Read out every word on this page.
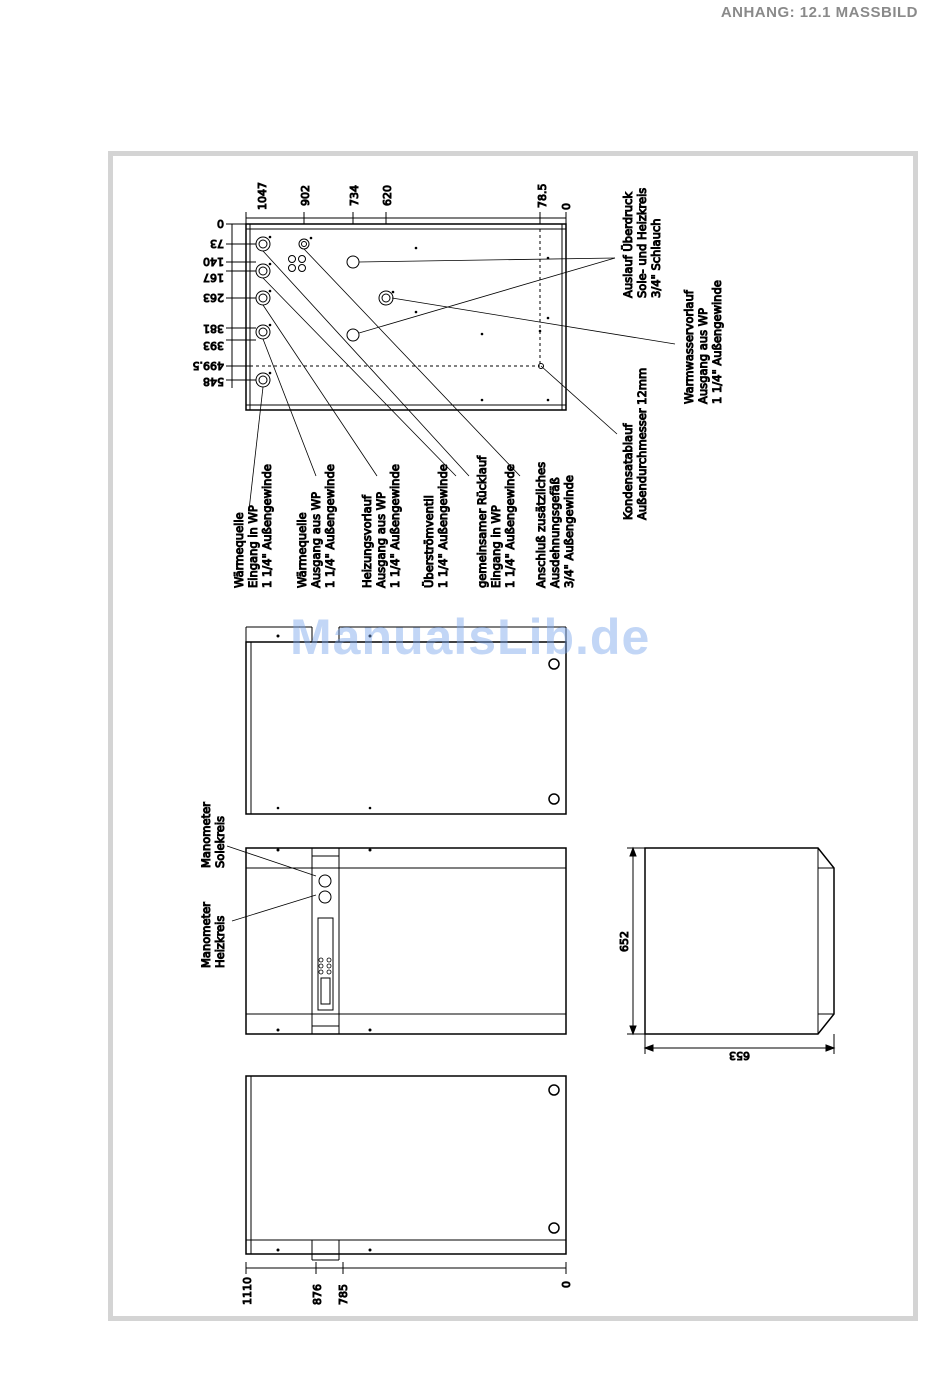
ANHANG: 12.1 MASSBILD
1047	902	734 620	78.5 0
0
73
140
167
263
381
393
499.5
548
Wärmequelle Eingang in WP 1 1/4" Außengewinde Wärmequelle Ausgang aus WP 1 1/4" Außengewinde Heizungsvorlauf Ausgang aus WP 1 1/4" Außengewinde Überströmventil 1 1/4" Außengewinde gemeinsamer Rücklauf Eingang in WP 1 1/4" Außengewinde Anschluß zusätzliches Ausdehnungsgefäß 3/4" Außengewinde
Kondensatablauf Außendurchmesser 12mm
Auslauf Überdruck Sole- und Heizkreis 3/4" Schlauch
Warmwasservorlauf Ausgang aus WP 1 1/4" Außengewinde
Manometer Solekreis
Manometer Heizkreis
1110	876 785	0
652
653
ManualsLib.de
